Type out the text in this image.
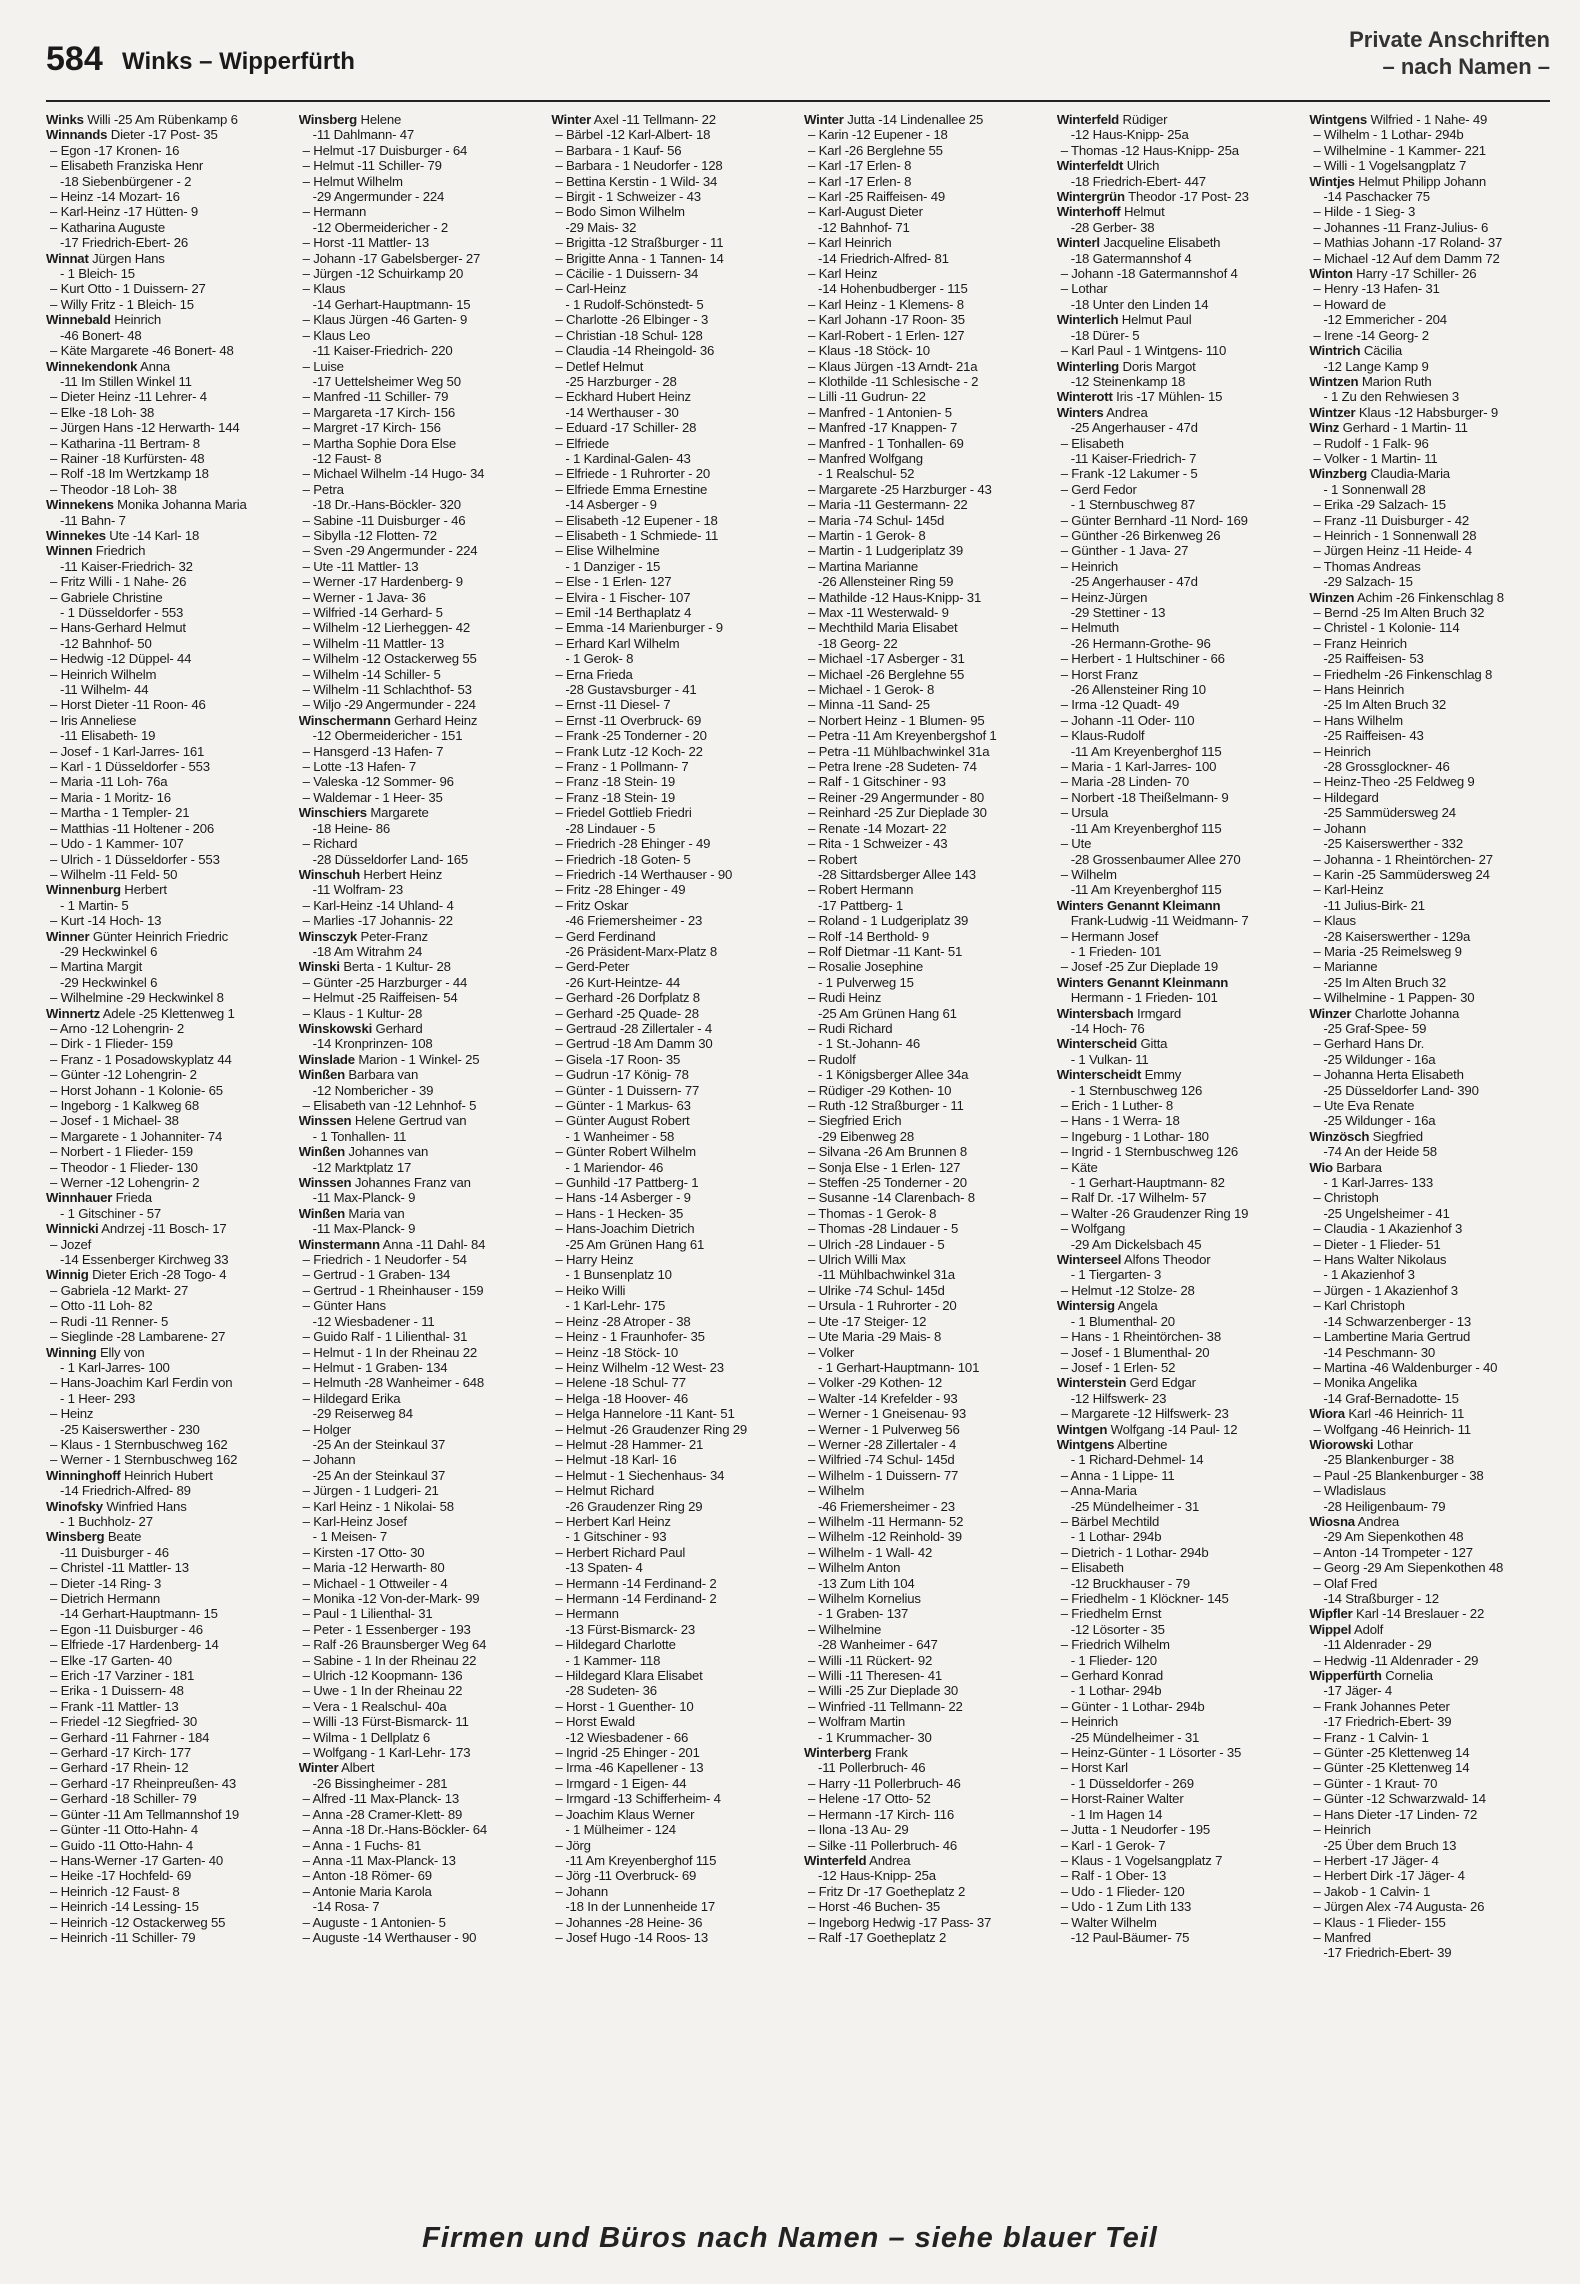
584 Winks – Wipperfürth
Private Anschriften
– nach Namen –
Winks Willi -25 Am Rübenkamp 6
Winnands Dieter -17 Post- 35
– Egon -17 Kronen- 16
– Elisabeth Franziska Henr
-18 Siebenbürgener - 2
– Heinz -14 Mozart- 16
– Karl-Heinz -17 Hütten- 9
– Katharina Auguste
-17 Friedrich-Ebert- 26
Winnat Jürgen Hans
- 1 Bleich- 15
– Kurt Otto - 1 Duissern- 27
– Willy Fritz - 1 Bleich- 15
Winnebald Heinrich
-46 Bonert- 48
– Käte Margarete -46 Bonert- 48
Winnekendonk Anna
-11 Im Stillen Winkel 11
– Dieter Heinz -11 Lehrer- 4
– Elke -18 Loh- 38
– Jürgen Hans -12 Herwarth- 144
– Katharina -11 Bertram- 8
– Rainer -18 Kurfürsten- 48
– Rolf -18 Im Wertzkamp 18
– Theodor -18 Loh- 38
Winnekens Monika Johanna Maria
-11 Bahn- 7
Winnekes Ute -14 Karl- 18
Winnen Friedrich
-11 Kaiser-Friedrich- 32
– Fritz Willi - 1 Nahe- 26
– Gabriele Christine
- 1 Düsseldorfer - 553
– Hans-Gerhard Helmut
-12 Bahnhof- 50
– Hedwig -12 Düppel- 44
– Heinrich Wilhelm
-11 Wilhelm- 44
– Horst Dieter -11 Roon- 46
– Iris Anneliese
-11 Elisabeth- 19
– Josef - 1 Karl-Jarres- 161
– Karl - 1 Düsseldorfer - 553
– Maria -11 Loh- 76a
– Maria - 1 Moritz- 16
– Martha - 1 Templer- 21
– Matthias -11 Holtener - 206
– Udo - 1 Kammer- 107
– Ulrich - 1 Düsseldorfer - 553
– Wilhelm -11 Feld- 50
Winnenburg Herbert
- 1 Martin- 5
– Kurt -14 Hoch- 13
Winner Günter Heinrich Friedric
-29 Heckwinkel 6
– Martina Margit
-29 Heckwinkel 6
– Wilhelmine -29 Heckwinkel 8
Winnertz Adele -25 Klettenweg 1
– Arno -12 Lohengrin- 2
– Dirk - 1 Flieder- 159
– Franz - 1 Posadowskyplatz 44
– Günter -12 Lohengrin- 2
– Horst Johann - 1 Kolonie- 65
– Ingeborg - 1 Kalkweg 68
– Josef - 1 Michael- 38
– Margarete - 1 Johanniter- 74
– Norbert - 1 Flieder- 159
– Theodor - 1 Flieder- 130
– Werner -12 Lohengrin- 2
Winnhauer Frieda
- 1 Gitschiner - 57
Winnicki Andrzej -11 Bosch- 17
– Jozef
-14 Essenberger Kirchweg 33
Winnig Dieter Erich -28 Togo- 4
– Gabriela -12 Markt- 27
– Otto -11 Loh- 82
– Rudi -11 Renner- 5
– Sieglinde -28 Lambarene- 27
Winning Elly von
- 1 Karl-Jarres- 100
– Hans-Joachim Karl Ferdin von
- 1 Heer- 293
– Heinz
-25 Kaiserswerther - 230
– Klaus - 1 Sternbuschweg 162
– Werner - 1 Sternbuschweg 162
Winninghoff Heinrich Hubert
-14 Friedrich-Alfred- 89
Winofsky Winfried Hans
- 1 Buchholz- 27
Winsberg Beate
-11 Duisburger - 46
– Christel -11 Mattler- 13
– Dieter -14 Ring- 3
– Dietrich Hermann
-14 Gerhart-Hauptmann- 15
– Egon -11 Duisburger - 46
– Elfriede -17 Hardenberg- 14
– Elke -17 Garten- 40
– Erich -17 Varziner - 181
– Erika - 1 Duissern- 48
– Frank -11 Mattler- 13
– Friedel -12 Siegfried- 30
– Gerhard -11 Fahrner - 184
– Gerhard -17 Kirch- 177
– Gerhard -17 Rhein- 12
– Gerhard -17 Rheinpreußen- 43
– Gerhard -18 Schiller- 79
– Günter -11 Am Tellmannshof 19
– Günter -11 Otto-Hahn- 4
– Guido -11 Otto-Hahn- 4
– Hans-Werner -17 Garten- 40
– Heike -17 Hochfeld- 69
– Heinrich -12 Faust- 8
– Heinrich -14 Lessing- 15
– Heinrich -12 Ostackerweg 55
– Heinrich -11 Schiller- 79
Winsberg Helene
-11 Dahlmann- 47
– Helmut -17 Duisburger - 64
– Helmut -11 Schiller- 79
– Helmut Wilhelm
-29 Angermunder - 224
– Hermann
-12 Obermeidericher - 2
– Horst -11 Mattler- 13
– Johann -17 Gabelsberger- 27
– Jürgen -12 Schuirkamp 20
– Klaus
-14 Gerhart-Hauptmann- 15
– Klaus Jürgen -46 Garten- 9
– Klaus Leo
-11 Kaiser-Friedrich- 220
– Luise
-17 Uettelsheimer Weg 50
– Manfred -11 Schiller- 79
– Margareta -17 Kirch- 156
– Margret -17 Kirch- 156
– Martha Sophie Dora Else
-12 Faust- 8
– Michael Wilhelm -14 Hugo- 34
– Petra
-18 Dr.-Hans-Böckler- 320
– Sabine -11 Duisburger - 46
– Sibylla -12 Flotten- 72
– Sven -29 Angermunder - 224
– Ute -11 Mattler- 13
– Werner -17 Hardenberg- 9
– Werner - 1 Java- 36
– Wilfried -14 Gerhard- 5
– Wilhelm -12 Lierheggen- 42
– Wilhelm -11 Mattler- 13
– Wilhelm -12 Ostackerweg 55
– Wilhelm -14 Schiller- 5
– Wilhelm -11 Schlachthof- 53
– Wiljo -29 Angermunder - 224
Winschermann Gerhard Heinz
-12 Obermeidericher - 151
– Hansgerd -13 Hafen- 7
– Lotte -13 Hafen- 7
– Valeska -12 Sommer- 96
– Waldemar - 1 Heer- 35
Winschiers Margarete
-18 Heine- 86
– Richard
-28 Düsseldorfer Land- 165
Winschuh Herbert Heinz
-11 Wolfram- 23
– Karl-Heinz -14 Uhland- 4
– Marlies -17 Johannis- 22
Winsczyk Peter-Franz
-18 Am Witrahm 24
Winski Berta - 1 Kultur- 28
– Günter -25 Harzburger - 44
– Helmut -25 Raiffeisen- 54
– Klaus - 1 Kultur- 28
Winskowski Gerhard
-14 Kronprinzen- 108
Winslade Marion - 1 Winkel- 25
Winßen Barbara van
-12 Nombericher - 39
– Elisabeth van -12 Lehnhof- 5
Winssen Helene Gertrud van
- 1 Tonhallen- 11
Winßen Johannes van
-12 Marktplatz 17
Winssen Johannes Franz van
-11 Max-Planck- 9
Winßen Maria van
-11 Max-Planck- 9
Winstermann Anna -11 Dahl- 84
– Friedrich - 1 Neudorfer - 54
– Gertrud - 1 Graben- 134
– Gertrud - 1 Rheinhauser - 159
– Günter Hans
-12 Wiesbadener - 11
– Guido Ralf - 1 Lilienthal- 31
– Helmut - 1 In der Rheinau 22
– Helmut - 1 Graben- 134
– Helmuth -28 Wanheimer - 648
– Hildegard Erika
-29 Reiserweg 84
– Holger
-25 An der Steinkaul 37
– Johann
-25 An der Steinkaul 37
– Jürgen - 1 Ludgeri- 21
– Karl Heinz - 1 Nikolai- 58
– Karl-Heinz Josef
- 1 Meisen- 7
– Kirsten -17 Otto- 30
– Maria -12 Herwarth- 80
– Michael - 1 Ottweiler - 4
– Monika -12 Von-der-Mark- 99
– Paul - 1 Lilienthal- 31
– Peter - 1 Essenberger - 193
– Ralf -26 Braunsberger Weg 64
– Sabine - 1 In der Rheinau 22
– Ulrich -12 Koopmann- 136
– Uwe - 1 In der Rheinau 22
– Vera - 1 Realschul- 40a
– Willi -13 Fürst-Bismarck- 11
– Wilma - 1 Dellplatz 6
– Wolfgang - 1 Karl-Lehr- 173
Winter Albert
-26 Bissingheimer - 281
– Alfred -11 Max-Planck- 13
– Anna -28 Cramer-Klett- 89
– Anna -18 Dr.-Hans-Böckler- 64
– Anna - 1 Fuchs- 81
– Anna -11 Max-Planck- 13
– Anton -18 Römer- 69
– Antonie Maria Karola
-14 Rosa- 7
– Auguste - 1 Antonien- 5
– Auguste -14 Werthauser - 90
Winter Axel -11 Tellmann- 22
– Bärbel -12 Karl-Albert- 18
– Barbara - 1 Kauf- 56
– Barbara - 1 Neudorfer - 128
– Bettina Kerstin - 1 Wild- 34
– Birgit - 1 Schweizer - 43
– Bodo Simon Wilhelm
-29 Mais- 32
– Brigitta -12 Straßburger - 11
– Brigitte Anna - 1 Tannen- 14
– Cäcilie - 1 Duissern- 34
– Carl-Heinz
- 1 Rudolf-Schönstedt- 5
– Charlotte -26 Elbinger - 3
– Christian -18 Schul- 128
– Claudia -14 Rheingold- 36
– Detlef Helmut
-25 Harzburger - 28
– Eckhard Hubert Heinz
-14 Werthauser - 30
– Eduard -17 Schiller- 28
– Elfriede
- 1 Kardinal-Galen- 43
– Elfriede - 1 Ruhrorter - 20
– Elfriede Emma Ernestine
-14 Asberger - 9
– Elisabeth -12 Eupener - 18
– Elisabeth - 1 Schmiede- 11
– Elise Wilhelmine
- 1 Danziger - 15
– Else - 1 Erlen- 127
– Elvira - 1 Fischer- 107
– Emil -14 Berthaplatz 4
– Emma -14 Marienburger - 9
– Erhard Karl Wilhelm
- 1 Gerok- 8
– Erna Frieda
-28 Gustavsburger - 41
– Ernst -11 Diesel- 7
– Ernst -11 Overbruck- 69
– Frank -25 Tonderner - 20
– Frank Lutz -12 Koch- 22
– Franz - 1 Pollmann- 7
– Franz -18 Stein- 19
– Franz -18 Stein- 19
– Friedel Gottlieb Friedri
-28 Lindauer - 5
– Friedrich -28 Ehinger - 49
– Friedrich -18 Goten- 5
– Friedrich -14 Werthauser - 90
– Fritz -28 Ehinger - 49
– Fritz Oskar
-46 Friemersheimer - 23
– Gerd Ferdinand
-26 Präsident-Marx-Platz 8
– Gerd-Peter
-26 Kurt-Heintze- 44
– Gerhard -26 Dorfplatz 8
– Gerhard -25 Quade- 28
– Gertraud -28 Zillertaler - 4
– Gertrud -18 Am Damm 30
– Gisela -17 Roon- 35
– Gudrun -17 König- 78
– Günter - 1 Duissern- 77
– Günter - 1 Markus- 63
– Günter August Robert
- 1 Wanheimer - 58
– Günter Robert Wilhelm
- 1 Mariendor- 46
– Gunhild -17 Pattberg- 1
– Hans -14 Asberger - 9
– Hans - 1 Hecken- 35
– Hans-Joachim Dietrich
-25 Am Grünen Hang 61
– Harry Heinz
- 1 Bunsenplatz 10
– Heiko Willi
- 1 Karl-Lehr- 175
– Heinz -28 Atroper - 38
– Heinz - 1 Fraunhofer- 35
– Heinz -18 Stöck- 10
– Heinz Wilhelm -12 West- 23
– Helene -18 Schul- 77
– Helga -18 Hoover- 46
– Helga Hannelore -11 Kant- 51
– Helmut -26 Graudenzer Ring 29
– Helmut -28 Hammer- 21
– Helmut -18 Karl- 16
– Helmut - 1 Siechenhaus- 34
– Helmut Richard
-26 Graudenzer Ring 29
– Herbert Karl Heinz
- 1 Gitschiner - 93
– Herbert Richard Paul
-13 Spaten- 4
– Hermann -14 Ferdinand- 2
– Hermann -14 Ferdinand- 2
– Hermann
-13 Fürst-Bismarck- 23
– Hildegard Charlotte
- 1 Kammer- 118
– Hildegard Klara Elisabet
-28 Sudeten- 36
– Horst - 1 Guenther- 10
– Horst Ewald
-12 Wiesbadener - 66
– Ingrid -25 Ehinger - 201
– Irma -46 Kapellener - 13
– Irmgard - 1 Eigen- 44
– Irmgard -13 Schifferheim- 4
– Joachim Klaus Werner
- 1 Mülheimer - 124
– Jörg
-11 Am Kreyenberghof 115
– Jörg -11 Overbruck- 69
– Johann
-18 In der Lunnenheide 17
– Johannes -28 Heine- 36
– Josef Hugo -14 Roos- 13
Winter Jutta -14 Lindenallee 25
– Karin -12 Eupener - 18
– Karl -26 Berglehne 55
– Karl -17 Erlen- 8
– Karl -17 Erlen- 8
– Karl -25 Raiffeisen- 49
– Karl-August Dieter
-12 Bahnhof- 71
– Karl Heinrich
-14 Friedrich-Alfred- 81
– Karl Heinz
-14 Hohenbudberger - 115
– Karl Heinz - 1 Klemens- 8
– Karl Johann -17 Roon- 35
– Karl-Robert - 1 Erlen- 127
– Klaus -18 Stöck- 10
– Klaus Jürgen -13 Arndt- 21a
– Klothilde -11 Schlesische - 2
– Lilli -11 Gudrun- 22
– Manfred - 1 Antonien- 5
– Manfred -17 Knappen- 7
– Manfred - 1 Tonhallen- 69
– Manfred Wolfgang
- 1 Realschul- 52
– Margarete -25 Harzburger - 43
– Maria -11 Gestermann- 22
– Maria -74 Schul- 145d
– Martin - 1 Gerok- 8
– Martin - 1 Ludgeriplatz 39
– Martina Marianne
-26 Allensteiner Ring 59
– Mathilde -12 Haus-Knipp- 31
– Max -11 Westerwald- 9
– Mechthild Maria Elisabet
-18 Georg- 22
– Michael -17 Asberger - 31
– Michael -26 Berglehne 55
– Michael - 1 Gerok- 8
– Minna -11 Sand- 25
– Norbert Heinz - 1 Blumen- 95
– Petra -11 Am Kreyenbergshof 1
– Petra -11 Mühlbachwinkel 31a
– Petra Irene -28 Sudeten- 74
– Ralf - 1 Gitschiner - 93
– Reiner -29 Angermunder - 80
– Reinhard -25 Zur Dieplade 30
– Renate -14 Mozart- 22
– Rita - 1 Schweizer - 43
– Robert
-28 Sittardsberger Allee 143
– Robert Hermann
-17 Pattberg- 1
– Roland - 1 Ludgeriplatz 39
– Rolf -14 Berthold- 9
– Rolf Dietmar -11 Kant- 51
– Rosalie Josephine
- 1 Pulverweg 15
– Rudi Heinz
-25 Am Grünen Hang 61
– Rudi Richard
- 1 St.-Johann- 46
– Rudolf
- 1 Königsberger Allee 34a
– Rüdiger -29 Kothen- 10
– Ruth -12 Straßburger - 11
– Siegfried Erich
-29 Eibenweg 28
– Silvana -26 Am Brunnen 8
– Sonja Else - 1 Erlen- 127
– Steffen -25 Tonderner - 20
– Susanne -14 Clarenbach- 8
– Thomas - 1 Gerok- 8
– Thomas -28 Lindauer - 5
– Ulrich -28 Lindauer - 5
– Ulrich Willi Max
-11 Mühlbachwinkel 31a
– Ulrike -74 Schul- 145d
– Ursula - 1 Ruhrorter - 20
– Ute -17 Steiger- 12
– Ute Maria -29 Mais- 8
– Volker
- 1 Gerhart-Hauptmann- 101
– Volker -29 Kothen- 12
– Walter -14 Krefelder - 93
– Werner - 1 Gneisenau- 93
– Werner - 1 Pulverweg 56
– Werner -28 Zillertaler - 4
– Wilfried -74 Schul- 145d
– Wilhelm - 1 Duissern- 77
– Wilhelm
-46 Friemersheimer - 23
– Wilhelm -11 Hermann- 52
– Wilhelm -12 Reinhold- 39
– Wilhelm - 1 Wall- 42
– Wilhelm Anton
-13 Zum Lith 104
– Wilhelm Kornelius
- 1 Graben- 137
– Wilhelmine
-28 Wanheimer - 647
– Willi -11 Rückert- 92
– Willi -11 Theresen- 41
– Willi -25 Zur Dieplade 30
– Winfried -11 Tellmann- 22
– Wolfram Martin
- 1 Krummacher- 30
Winterberg Frank
-11 Pollerbruch- 46
– Harry -11 Pollerbruch- 46
– Helene -17 Otto- 52
– Hermann -17 Kirch- 116
– Ilona -13 Au- 29
– Silke -11 Pollerbruch- 46
Winterfeld Andrea
-12 Haus-Knipp- 25a
– Fritz Dr -17 Goetheplatz 2
– Horst -46 Buchen- 35
– Ingeborg Hedwig -17 Pass- 37
– Ralf -17 Goetheplatz 2
Winterfeld Rüdiger
-12 Haus-Knipp- 25a
– Thomas -12 Haus-Knipp- 25a
Winterfeldt Ulrich
-18 Friedrich-Ebert- 447
Wintergrün Theodor -17 Post- 23
Winterhoff Helmut
-28 Gerber- 38
Winterl Jacqueline Elisabeth
-18 Gatermannshof 4
– Johann -18 Gatermannshof 4
– Lothar
-18 Unter den Linden 14
Winterlich Helmut Paul
-18 Dürer- 5
– Karl Paul - 1 Wintgens- 110
Winterling Doris Margot
-12 Steinenkamp 18
Winterott Iris -17 Mühlen- 15
Winters Andrea
-25 Angerhauser - 47d
– Elisabeth
-11 Kaiser-Friedrich- 7
– Frank -12 Lakumer - 5
– Gerd Fedor
- 1 Sternbuschweg 87
– Günter Bernhard -11 Nord- 169
– Günther -26 Birkenweg 26
– Günther - 1 Java- 27
– Heinrich
-25 Angerhauser - 47d
– Heinz-Jürgen
-29 Stettiner - 13
– Helmuth
-26 Hermann-Grothe- 96
– Herbert - 1 Hultschiner - 66
– Horst Franz
-26 Allensteiner Ring 10
– Irma -12 Quadt- 49
– Johann -11 Oder- 110
– Klaus-Rudolf
-11 Am Kreyenberghof 115
– Maria - 1 Karl-Jarres- 100
– Maria -28 Linden- 70
– Norbert -18 Theißelmann- 9
– Ursula
-11 Am Kreyenberghof 115
– Ute
-28 Grossenbaumer Allee 270
– Wilhelm
-11 Am Kreyenberghof 115
Winters Genannt Kleimann
Frank-Ludwig -11 Weidmann- 7
– Hermann Josef
- 1 Frieden- 101
– Josef -25 Zur Dieplade 19
Winters Genannt Kleinmann
Hermann - 1 Frieden- 101
Wintersbach Irmgard
-14 Hoch- 76
Winterscheid Gitta
- 1 Vulkan- 11
Winterscheidt Emmy
- 1 Sternbuschweg 126
– Erich - 1 Luther- 8
– Hans - 1 Werra- 18
– Ingeburg - 1 Lothar- 180
– Ingrid - 1 Sternbuschweg 126
– Käte
- 1 Gerhart-Hauptmann- 82
– Ralf Dr. -17 Wilhelm- 57
– Walter -26 Graudenzer Ring 19
– Wolfgang
-29 Am Dickelsbach 45
Winterseel Alfons Theodor
- 1 Tiergarten- 3
– Helmut -12 Stolze- 28
Wintersig Angela
- 1 Blumenthal- 20
– Hans - 1 Rheintörchen- 38
– Josef - 1 Blumenthal- 20
– Josef - 1 Erlen- 52
Winterstein Gerd Edgar
-12 Hilfswerk- 23
– Margarete -12 Hilfswerk- 23
Wintgen Wolfgang -14 Paul- 12
Wintgens Albertine
- 1 Richard-Dehmel- 14
– Anna - 1 Lippe- 11
– Anna-Maria
-25 Mündelheimer - 31
– Bärbel Mechtild
- 1 Lothar- 294b
– Dietrich - 1 Lothar- 294b
– Elisabeth
-12 Bruckhauser - 79
– Friedhelm - 1 Klöckner- 145
– Friedhelm Ernst
-12 Lösorter - 35
– Friedrich Wilhelm
- 1 Flieder- 120
– Gerhard Konrad
- 1 Lothar- 294b
– Günter - 1 Lothar- 294b
– Heinrich
-25 Mündelheimer - 31
– Heinz-Günter - 1 Lösorter - 35
– Horst Karl
- 1 Düsseldorfer - 269
– Horst-Rainer Walter
- 1 Im Hagen 14
– Jutta - 1 Neudorfer - 195
– Karl - 1 Gerok- 7
– Klaus - 1 Vogelsangplatz 7
– Ralf - 1 Ober- 13
– Udo - 1 Flieder- 120
– Udo - 1 Zum Lith 133
– Walter Wilhelm
-12 Paul-Bäumer- 75
Wintgens Wilfried - 1 Nahe- 49
– Wilhelm - 1 Lothar- 294b
– Wilhelmine - 1 Kammer- 221
– Willi - 1 Vogelsangplatz 7
Wintjes Helmut Philipp Johann
-14 Paschacker 75
– Hilde - 1 Sieg- 3
– Johannes -11 Franz-Julius- 6
– Mathias Johann -17 Roland- 37
– Michael -12 Auf dem Damm 72
Winton Harry -17 Schiller- 26
– Henry -13 Hafen- 31
– Howard de
-12 Emmericher - 204
– Irene -14 Georg- 2
Wintrich Cäcilia
-12 Lange Kamp 9
Wintzen Marion Ruth
- 1 Zu den Rehwiesen 3
Wintzer Klaus -12 Habsburger- 9
Winz Gerhard - 1 Martin- 11
– Rudolf - 1 Falk- 96
– Volker - 1 Martin- 11
Winzberg Claudia-Maria
- 1 Sonnenwall 28
– Erika -29 Salzach- 15
– Franz -11 Duisburger - 42
– Heinrich - 1 Sonnenwall 28
– Jürgen Heinz -11 Heide- 4
– Thomas Andreas
-29 Salzach- 15
Winzen Achim -26 Finkenschlag 8
– Bernd -25 Im Alten Bruch 32
– Christel - 1 Kolonie- 114
– Franz Heinrich
-25 Raiffeisen- 53
– Friedhelm -26 Finkenschlag 8
– Hans Heinrich
-25 Im Alten Bruch 32
– Hans Wilhelm
-25 Raiffeisen- 43
– Heinrich
-28 Grossglockner- 46
– Heinz-Theo -25 Feldweg 9
– Hildegard
-25 Sammüdersweg 24
– Johann
-25 Kaiserswerther - 332
– Johanna - 1 Rheintörchen- 27
– Karin -25 Sammüdersweg 24
– Karl-Heinz
-11 Julius-Birk- 21
– Klaus
-28 Kaiserswerther - 129a
– Maria -25 Reimelsweg 9
– Marianne
-25 Im Alten Bruch 32
– Wilhelmine - 1 Pappen- 30
Winzer Charlotte Johanna
-25 Graf-Spee- 59
– Gerhard Hans Dr.
-25 Wildunger - 16a
– Johanna Herta Elisabeth
-25 Düsseldorfer Land- 390
– Ute Eva Renate
-25 Wildunger - 16a
Winzösch Siegfried
-74 An der Heide 58
Wio Barbara
- 1 Karl-Jarres- 133
– Christoph
-25 Ungelsheimer - 41
– Claudia - 1 Akazienhof 3
– Dieter - 1 Flieder- 51
– Hans Walter Nikolaus
- 1 Akazienhof 3
– Jürgen - 1 Akazienhof 3
– Karl Christoph
-14 Schwarzenberger - 13
– Lambertine Maria Gertrud
-14 Peschmann- 30
– Martina -46 Waldenburger - 40
– Monika Angelika
-14 Graf-Bernadotte- 15
Wiora Karl -46 Heinrich- 11
– Wolfgang -46 Heinrich- 11
Wiorowski Lothar
-25 Blankenburger - 38
– Paul -25 Blankenburger - 38
– Wladislaus
-28 Heiligenbaum- 79
Wiosna Andrea
-29 Am Siepenkothen 48
– Anton -14 Trompeter - 127
– Georg -29 Am Siepenkothen 48
– Olaf Fred
-14 Straßburger - 12
Wipfler Karl -14 Breslauer - 22
Wippel Adolf
-11 Aldenrader - 29
– Hedwig -11 Aldenrader - 29
Wipperfürth Cornelia
-17 Jäger- 4
– Frank Johannes Peter
-17 Friedrich-Ebert- 39
– Franz - 1 Calvin- 1
– Günter -25 Klettenweg 14
– Günter -25 Klettenweg 14
– Günter - 1 Kraut- 70
– Günter -12 Schwarzwald- 14
– Hans Dieter -17 Linden- 72
– Heinrich
-25 Über dem Bruch 13
– Herbert -17 Jäger- 4
– Herbert Dirk -17 Jäger- 4
– Jakob - 1 Calvin- 1
– Jürgen Alex -74 Augusta- 26
– Klaus - 1 Flieder- 155
– Manfred
-17 Friedrich-Ebert- 39
Firmen und Büros nach Namen – siehe blauer Teil
